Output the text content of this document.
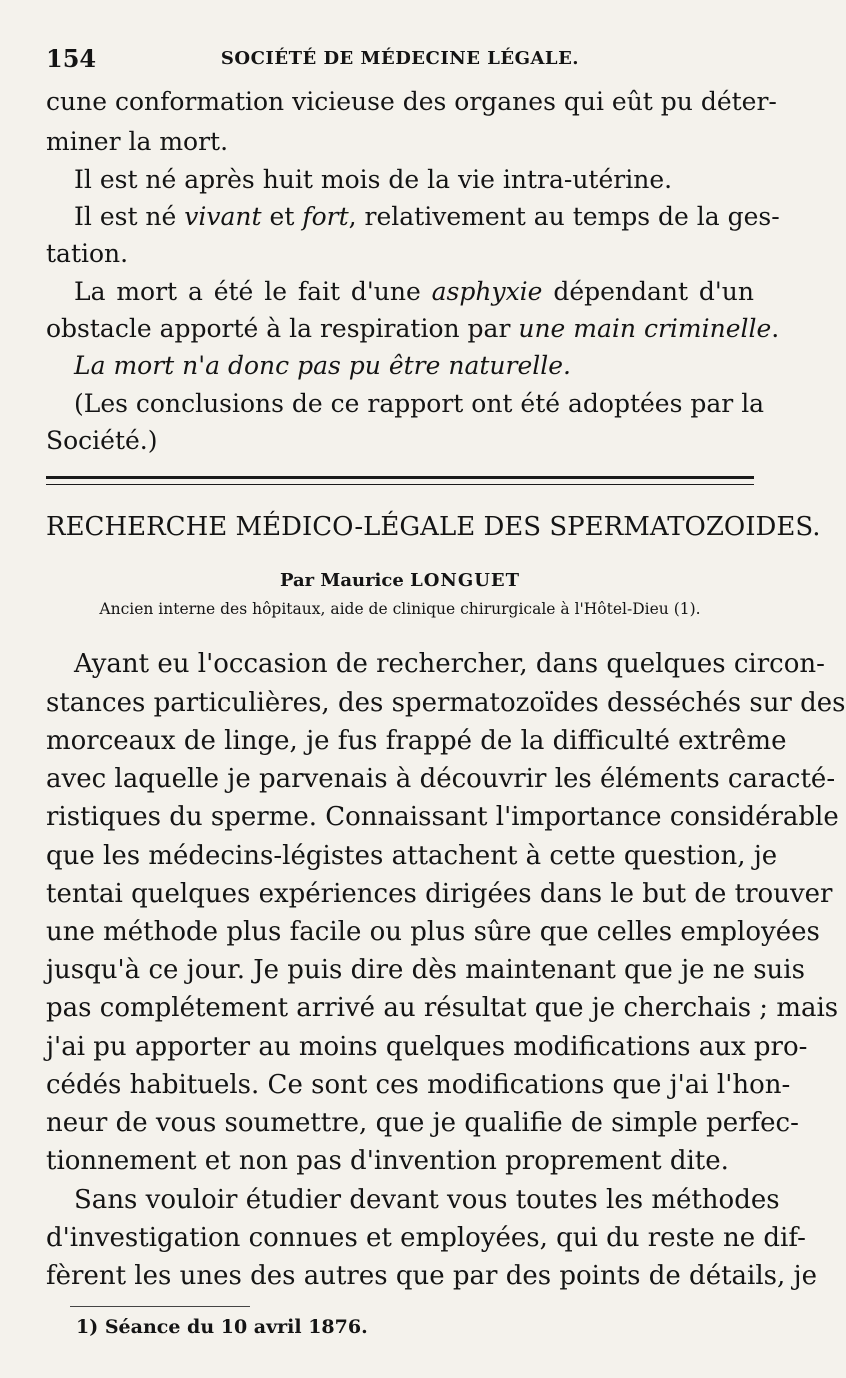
154	SOCIÉTÉ DE MÉDECINE LÉGALE.
cune conformation vicieuse des organes qui eût pu déter-
miner la mort.
Il est né après huit mois de la vie intra-utérine.
Il est né vivant et fort, relativement au temps de la ges-
tation.
La mort a été le fait d'une asphyxie dépendant d'un
obstacle apporté à la respiration par une main criminelle.
La mort n'a donc pas pu être naturelle.
(Les conclusions de ce rapport ont été adoptées par la
Société.)
RECHERCHE MÉDICO-LÉGALE DES SPERMATOZOIDES.
Par Maurice LONGUET
Ancien interne des hôpitaux, aide de clinique chirurgicale à l'Hôtel-Dieu (1).
Ayant eu l'occasion de rechercher, dans quelques circon-
stances particulières, des spermatozoïdes desséchés sur des
morceaux de linge, je fus frappé de la difficulté extrême
avec laquelle je parvenais à découvrir les éléments caracté-
ristiques du sperme. Connaissant l'importance considérable
que les médecins-légistes attachent à cette question, je
tentai quelques expériences dirigées dans le but de trouver
une méthode plus facile ou plus sûre que celles employées
jusqu'à ce jour. Je puis dire dès maintenant que je ne suis
pas complétement arrivé au résultat que je cherchais ; mais
j'ai pu apporter au moins quelques modifications aux pro-
cédés habituels. Ce sont ces modifications que j'ai l'hon-
neur de vous soumettre, que je qualifie de simple perfec-
tionnement et non pas d'invention proprement dite.
Sans vouloir étudier devant vous toutes les méthodes
d'investigation connues et employées, qui du reste ne dif-
fèrent les unes des autres que par des points de détails, je
1) Séance du 10 avril 1876.
